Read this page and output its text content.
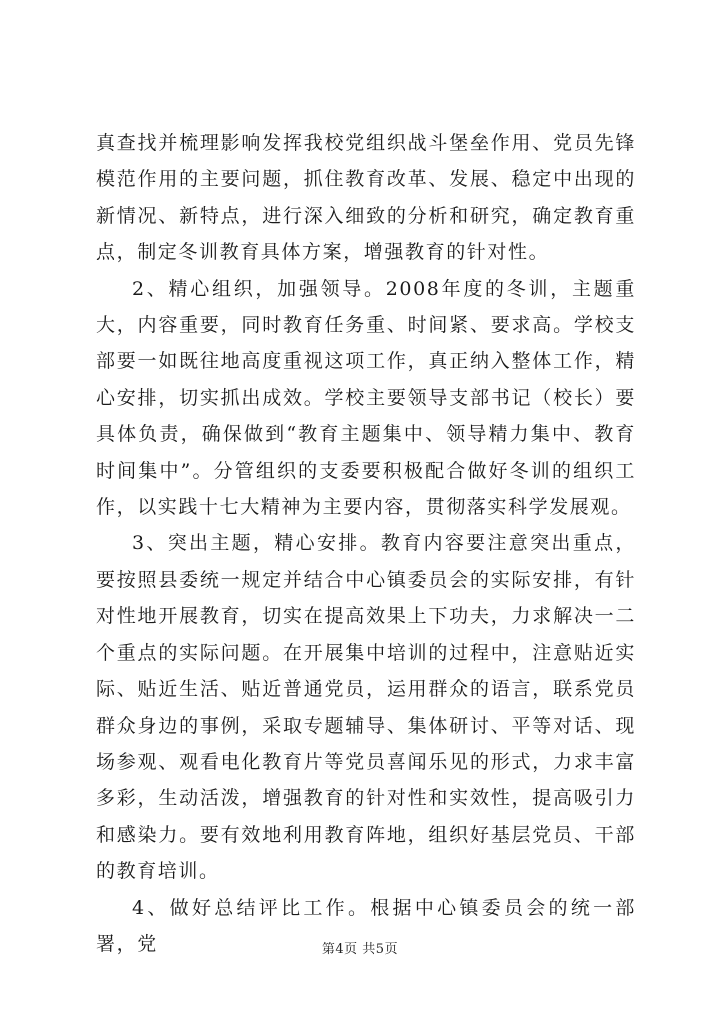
真查找并梳理影响发挥我校党组织战斗堡垒作用、党员先锋模范作用的主要问题，抓住教育改革、发展、稳定中出现的新情况、新特点，进行深入细致的分析和研究，确定教育重点，制定冬训教育具体方案，增强教育的针对性。

2、精心组织，加强领导。2008年度的冬训，主题重大，内容重要，同时教育任务重、时间紧、要求高。学校支部要一如既往地高度重视这项工作，真正纳入整体工作，精心安排，切实抓出成效。学校主要领导支部书记（校长）要具体负责，确保做到“教育主题集中、领导精力集中、教育时间集中”。分管组织的支委要积极配合做好冬训的组织工作，以实践十七大精神为主要内容，贯彻落实科学发展观。

3、突出主题，精心安排。教育内容要注意突出重点，要按照县委统一规定并结合中心镇委员会的实际安排，有针对性地开展教育，切实在提高效果上下功夫，力求解决一二个重点的实际问题。在开展集中培训的过程中，注意贴近实际、贴近生活、贴近普通党员，运用群众的语言，联系党员群众身边的事例，采取专题辅导、集体研讨、平等对话、现场参观、观看电化教育片等党员喜闻乐见的形式，力求丰富多彩，生动活泼，增强教育的针对性和实效性，提高吸引力和感染力。要有效地利用教育阵地，组织好基层党员、干部的教育培训。

4、做好总结评比工作。根据中心镇委员会的统一部署，党	第4页 共5页
